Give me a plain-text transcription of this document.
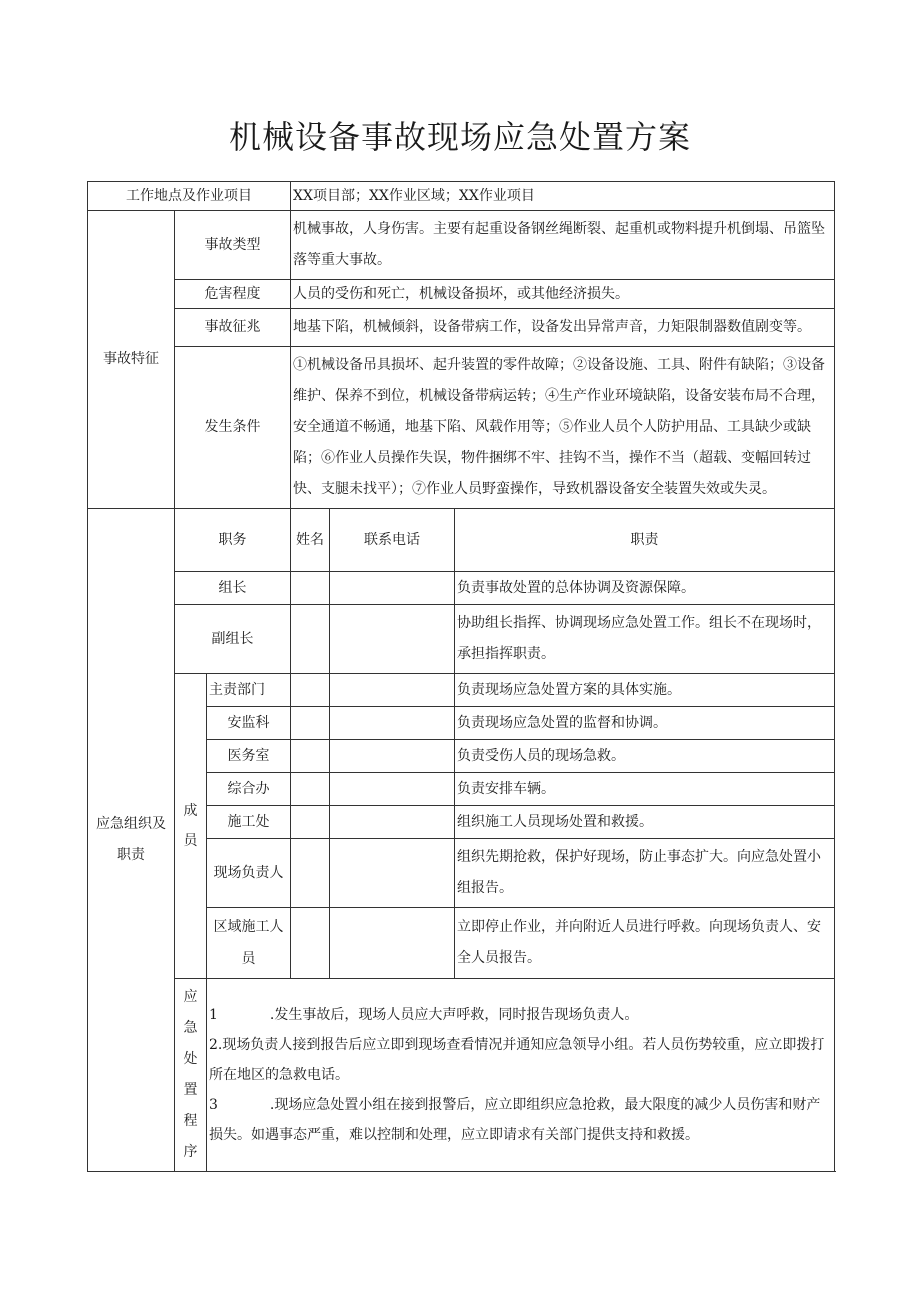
机械设备事故现场应急处置方案
工作地点及作业项目			XX项目部；XX作业区域；XX作业项目		
事故特征	事故类型		机械事故，人身伤害。主要有起重设备钢丝绳断裂、起重机或物料提升机倒塌、吊篮坠落等重大事故。		
	危害程度		人员的受伤和死亡，机械设备损坏，或其他经济损失。		
	事故征兆		地基下陷，机械倾斜，设备带病工作，设备发出异常声音，力矩限制器数值剧变等。		
	发生条件		①机械设备吊具损坏、起升装置的零件故障；②设备设施、工具、附件有缺陷；③设备维护、保养不到位，机械设备带病运转；④生产作业环境缺陷，设备安装布局不合理，安全通道不畅通，地基下陷、风载作用等；⑤作业人员个人防护用品、工具缺少或缺陷；⑥作业人员操作失误，物件捆绑不牢、挂钩不当，操作不当（超载、变幅回转过快、支腿未找平）；⑦作业人员野蛮操作，导致机器设备安全装置失效或失灵。		
应急组织及职责	职务		姓名	联系电话	职责
	组长				负责事故处置的总体协调及资源保障。
	副组长				协助组长指挥、协调现场应急处置工作。组长不在现场时，承担指挥职责。
	成员	主责部门			负责现场应急处置方案的具体实施。
		安监科			负责现场应急处置的监督和协调。
		医务室			负责受伤人员的现场急救。
		综合办			负责安排车辆。
		施工处			组织施工人员现场处置和救援。
		现场负责人			组织先期抢救，保护好现场，防止事态扩大。向应急处置小组报告。
		区域施工人员			立即停止作业，并向附近人员进行呼救。向现场负责人、安全人员报告。
	应急处置程序	1 .发生事故后，现场人员应大声呼救，同时报告现场负责人。
2.现场负责人接到报告后应立即到现场查看情况并通知应急领导小组。若人员伤势较重，应立即拨打所在地区的急救电话。
3 .现场应急处置小组在接到报警后，应立即组织应急抢救，最大限度的减少人员伤害和财产损失。如遇事态严重，难以控制和处理，应立即请求有关部门提供支持和救援。			
